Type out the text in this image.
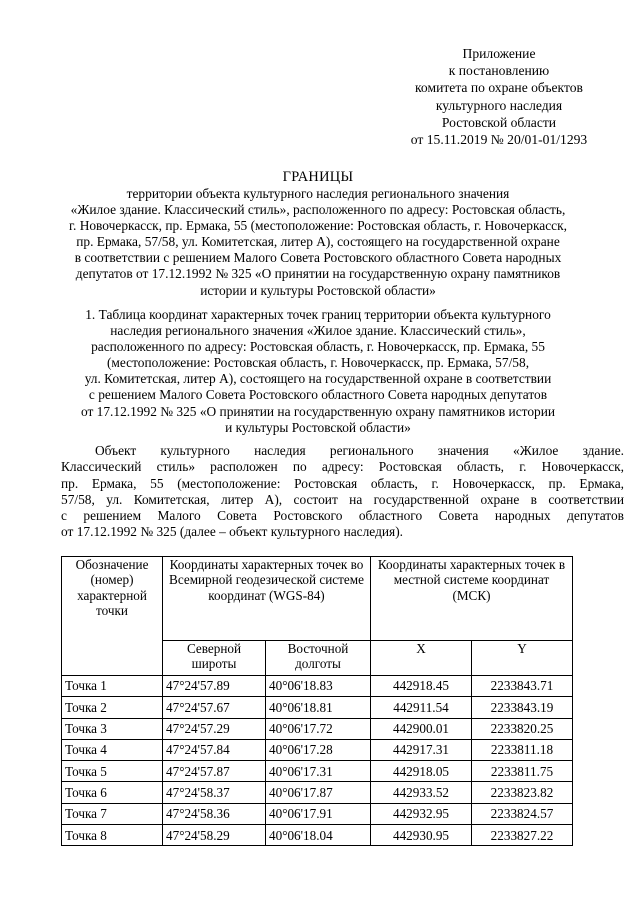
Приложение
к постановлению
комитета по охране объектов
культурного наследия
Ростовской области
от 15.11.2019 № 20/01-01/1293
ГРАНИЦЫ
территории объекта культурного наследия регионального значения
«Жилое здание. Классический стиль», расположенного по адресу: Ростовская область,
г. Новочеркасск, пр. Ермака, 55 (местоположение: Ростовская область, г. Новочеркасск,
пр. Ермака, 57/58, ул. Комитетская, литер А), состоящего на государственной охране
в соответствии с решением Малого Совета Ростовского областного Совета народных
депутатов от 17.12.1992 № 325 «О принятии на государственную охрану памятников
истории и культуры Ростовской области»
1. Таблица координат характерных точек границ территории объекта культурного
наследия регионального значения «Жилое здание. Классический стиль»,
расположенного по адресу: Ростовская область, г. Новочеркасск, пр. Ермака, 55
(местоположение: Ростовская область, г. Новочеркасск, пр. Ермака, 57/58,
ул. Комитетская, литер А), состоящего на государственной охране в соответствии
с решением Малого Совета Ростовского областного Совета народных депутатов
от 17.12.1992 № 325 «О принятии на государственную охрану памятников истории
и культуры Ростовской области»
Объект культурного наследия регионального значения «Жилое здание.
Классический стиль» расположен по адресу: Ростовская область, г. Новочеркасск,
пр. Ермака, 55 (местоположение: Ростовская область, г. Новочеркасск, пр. Ермака,
57/58, ул. Комитетская, литер А), состоит на государственной охране в соответствии
с решением Малого Совета Ростовского областного Совета народных депутатов
от 17.12.1992 № 325 (далее – объект культурного наследия).
Обозначение (номер) характерной точки	Координаты характерных точек во Всемирной геодезической системе координат (WGS-84)		Координаты характерных точек в местной системе координат (МСК)	
	Северной широты	Восточной долготы	X	Y
Точка 1	47°24'57.89	40°06'18.83	442918.45	2233843.71
Точка 2	47°24'57.67	40°06'18.81	442911.54	2233843.19
Точка 3	47°24'57.29	40°06'17.72	442900.01	2233820.25
Точка 4	47°24'57.84	40°06'17.28	442917.31	2233811.18
Точка 5	47°24'57.87	40°06'17.31	442918.05	2233811.75
Точка 6	47°24'58.37	40°06'17.87	442933.52	2233823.82
Точка 7	47°24'58.36	40°06'17.91	442932.95	2233824.57
Точка 8	47°24'58.29	40°06'18.04	442930.95	2233827.22
